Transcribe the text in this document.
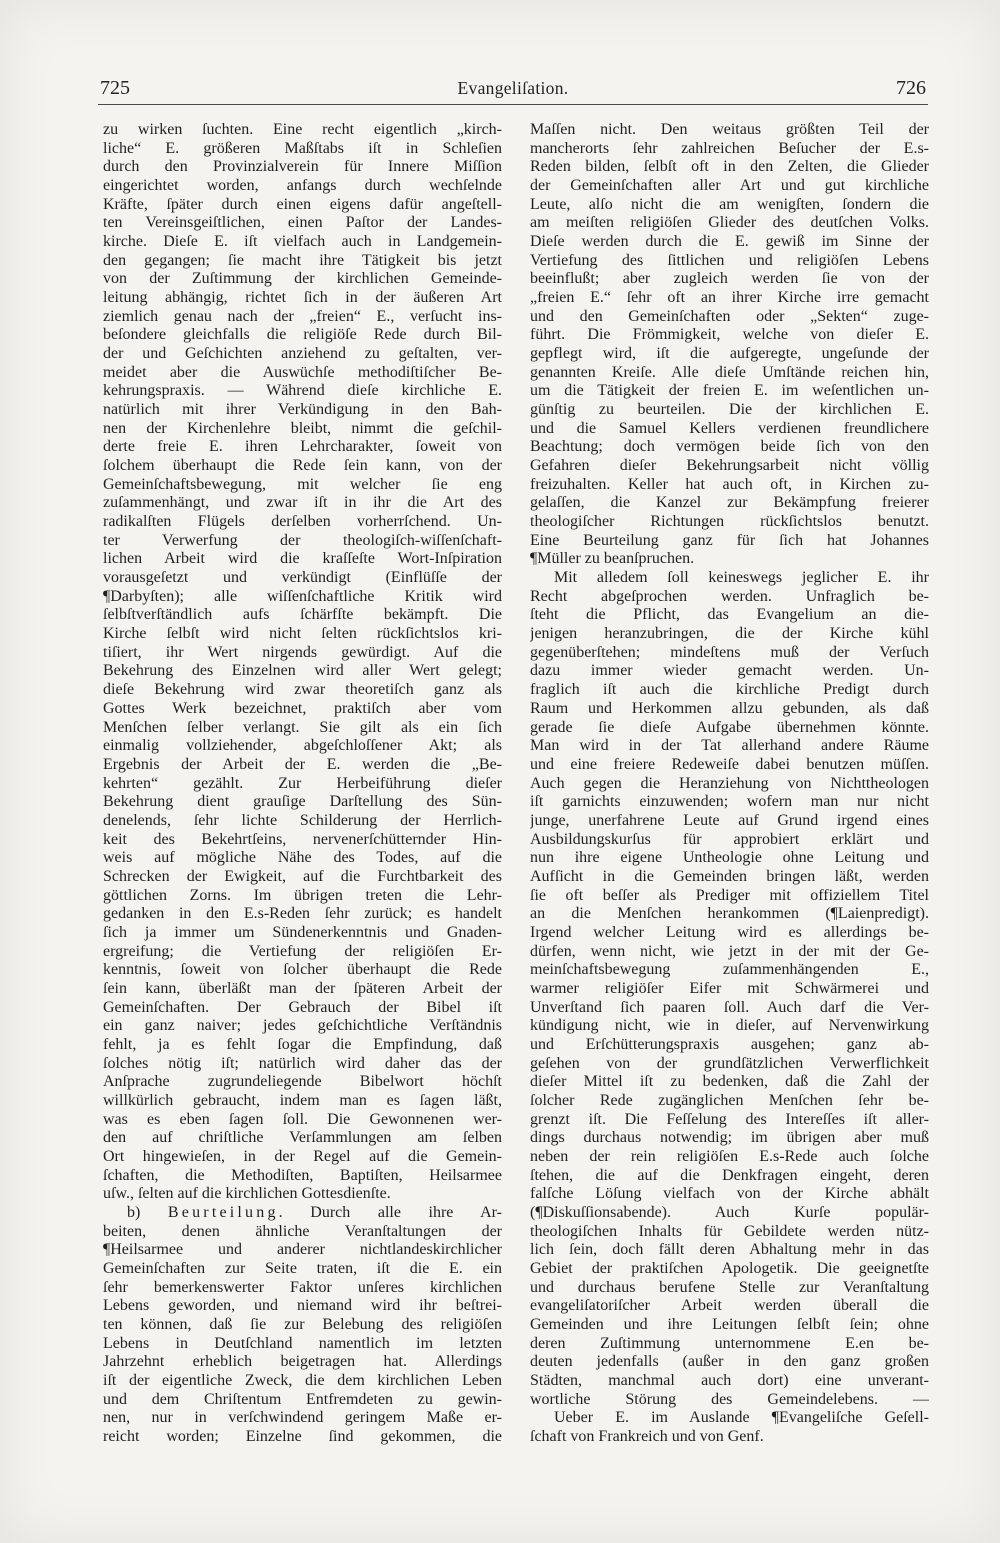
725	Evangeliſation.	726
zu wirken ſuchten. Eine recht eigentlich „kirch-
liche“ E. größeren Maßſtabs iſt in Schleſien
durch den Provinzialverein für Innere Miſſion
eingerichtet worden, anfangs durch wechſelnde
Kräfte, ſpäter durch einen eigens dafür angeſtell-
ten Vereinsgeiſtlichen, einen Paſtor der Landes-
kirche. Dieſe E. iſt vielfach auch in Landgemein-
den gegangen; ſie macht ihre Tätigkeit bis jetzt
von der Zuſtimmung der kirchlichen Gemeinde-
leitung abhängig, richtet ſich in der äußeren Art
ziemlich genau nach der „freien“ E., verſucht ins-
beſondere gleichfalls die religiöſe Rede durch Bil-
der und Geſchichten anziehend zu geſtalten, ver-
meidet aber die Auswüchſe methodiſtiſcher Be-
kehrungspraxis. — Während dieſe kirchliche E.
natürlich mit ihrer Verkündigung in den Bah-
nen der Kirchenlehre bleibt, nimmt die geſchil-
derte freie E. ihren Lehrcharakter, ſoweit von
ſolchem überhaupt die Rede ſein kann, von der
Gemeinſchaftsbewegung, mit welcher ſie eng
zuſammenhängt, und zwar iſt in ihr die Art des
radikalſten Flügels derſelben vorherrſchend. Un-
ter Verwerfung der theologiſch-wiſſenſchaft-
lichen Arbeit wird die kraſſeſte Wort-Inſpiration
vorausgeſetzt und verkündigt (Einflüſſe der
¶Darbyſten); alle wiſſenſchaftliche Kritik wird
ſelbſtverſtändlich aufs ſchärfſte bekämpft. Die
Kirche ſelbſt wird nicht ſelten rückſichtslos kri-
tiſiert, ihr Wert nirgends gewürdigt. Auf die
Bekehrung des Einzelnen wird aller Wert gelegt;
dieſe Bekehrung wird zwar theoretiſch ganz als
Gottes Werk bezeichnet, praktiſch aber vom
Menſchen ſelber verlangt. Sie gilt als ein ſich
einmalig vollziehender, abgeſchloſſener Akt; als
Ergebnis der Arbeit der E. werden die „Be-
kehrten“ gezählt. Zur Herbeiführung dieſer
Bekehrung dient grauſige Darſtellung des Sün-
denelends, ſehr lichte Schilderung der Herrlich-
keit des Bekehrtſeins, nervenerſchütternder Hin-
weis auf mögliche Nähe des Todes, auf die
Schrecken der Ewigkeit, auf die Furchtbarkeit des
göttlichen Zorns. Im übrigen treten die Lehr-
gedanken in den E.s-Reden ſehr zurück; es handelt
ſich ja immer um Sündenerkenntnis und Gnaden-
ergreifung; die Vertiefung der religiöſen Er-
kenntnis, ſoweit von ſolcher überhaupt die Rede
ſein kann, überläßt man der ſpäteren Arbeit der
Gemeinſchaften. Der Gebrauch der Bibel iſt
ein ganz naiver; jedes geſchichtliche Verſtändnis
fehlt, ja es fehlt ſogar die Empfindung, daß
ſolches nötig iſt; natürlich wird daher das der
Anſprache zugrundeliegende Bibelwort höchſt
willkürlich gebraucht, indem man es ſagen läßt,
was es eben ſagen ſoll. Die Gewonnenen wer-
den auf chriſtliche Verſammlungen am ſelben
Ort hingewieſen, in der Regel auf die Gemein-
ſchaften, die Methodiſten, Baptiſten, Heilsarmee
uſw., ſelten auf die kirchlichen Gottesdienſte.
b) Beurteilung. Durch alle ihre Ar-
beiten, denen ähnliche Veranſtaltungen der
¶Heilsarmee und anderer nichtlandeskirchlicher
Gemeinſchaften zur Seite traten, iſt die E. ein
ſehr bemerkenswerter Faktor unſeres kirchlichen
Lebens geworden, und niemand wird ihr beſtrei-
ten können, daß ſie zur Belebung des religiöſen
Lebens in Deutſchland namentlich im letzten
Jahrzehnt erheblich beigetragen hat. Allerdings
iſt der eigentliche Zweck, die dem kirchlichen Leben
und dem Chriſtentum Entfremdeten zu gewin-
nen, nur in verſchwindend geringem Maße er-
reicht worden; Einzelne ſind gekommen, die
Maſſen nicht. Den weitaus größten Teil der
mancherorts ſehr zahlreichen Beſucher der E.s-
Reden bilden, ſelbſt oft in den Zelten, die Glieder
der Gemeinſchaften aller Art und gut kirchliche
Leute, alſo nicht die am wenigſten, ſondern die
am meiſten religiöſen Glieder des deutſchen Volks.
Dieſe werden durch die E. gewiß im Sinne der
Vertiefung des ſittlichen und religiöſen Lebens
beeinflußt; aber zugleich werden ſie von der
„freien E.“ ſehr oft an ihrer Kirche irre gemacht
und den Gemeinſchaften oder „Sekten“ zuge-
führt. Die Frömmigkeit, welche von dieſer E.
gepflegt wird, iſt die aufgeregte, ungeſunde der
genannten Kreiſe. Alle dieſe Umſtände reichen hin,
um die Tätigkeit der freien E. im weſentlichen un-
günſtig zu beurteilen. Die der kirchlichen E.
und die Samuel Kellers verdienen freundlichere
Beachtung; doch vermögen beide ſich von den
Gefahren dieſer Bekehrungsarbeit nicht völlig
freizuhalten. Keller hat auch oft, in Kirchen zu-
gelaſſen, die Kanzel zur Bekämpfung freierer
theologiſcher Richtungen rückſichtslos benutzt.
Eine Beurteilung ganz für ſich hat Johannes
¶Müller zu beanſpruchen.
Mit alledem ſoll keineswegs jeglicher E. ihr
Recht abgeſprochen werden. Unfraglich be-
ſteht die Pflicht, das Evangelium an die-
jenigen heranzubringen, die der Kirche kühl
gegenüberſtehen; mindeſtens muß der Verſuch
dazu immer wieder gemacht werden. Un-
fraglich iſt auch die kirchliche Predigt durch
Raum und Herkommen allzu gebunden, als daß
gerade ſie dieſe Aufgabe übernehmen könnte.
Man wird in der Tat allerhand andere Räume
und eine freiere Redeweiſe dabei benutzen müſſen.
Auch gegen die Heranziehung von Nichttheologen
iſt garnichts einzuwenden; wofern man nur nicht
junge, unerfahrene Leute auf Grund irgend eines
Ausbildungskurſus für approbiert erklärt und
nun ihre eigene Untheologie ohne Leitung und
Aufſicht in die Gemeinden bringen läßt, werden
ſie oft beſſer als Prediger mit offiziellem Titel
an die Menſchen herankommen (¶Laienpredigt).
Irgend welcher Leitung wird es allerdings be-
dürfen, wenn nicht, wie jetzt in der mit der Ge-
meinſchaftsbewegung zuſammenhängenden E.,
warmer religiöſer Eifer mit Schwärmerei und
Unverſtand ſich paaren ſoll. Auch darf die Ver-
kündigung nicht, wie in dieſer, auf Nervenwirkung
und Erſchütterungspraxis ausgehen; ganz ab-
geſehen von der grundſätzlichen Verwerflichkeit
dieſer Mittel iſt zu bedenken, daß die Zahl der
ſolcher Rede zugänglichen Menſchen ſehr be-
grenzt iſt. Die Feſſelung des Intereſſes iſt aller-
dings durchaus notwendig; im übrigen aber muß
neben der rein religiöſen E.s-Rede auch ſolche
ſtehen, die auf die Denkfragen eingeht, deren
falſche Löſung vielfach von der Kirche abhält
(¶Diskuſſionsabende). Auch Kurſe populär-
theologiſchen Inhalts für Gebildete werden nütz-
lich ſein, doch fällt deren Abhaltung mehr in das
Gebiet der praktiſchen Apologetik. Die geeignetſte
und durchaus berufene Stelle zur Veranſtaltung
evangeliſatoriſcher Arbeit werden überall die
Gemeinden und ihre Leitungen ſelbſt ſein; ohne
deren Zuſtimmung unternommene E.en be-
deuten jedenfalls (außer in den ganz großen
Städten, manchmal auch dort) eine unverant-
wortliche Störung des Gemeindelebens. —
Ueber E. im Auslande ¶Evangeliſche Geſell-
ſchaft von Frankreich und von Genf.
